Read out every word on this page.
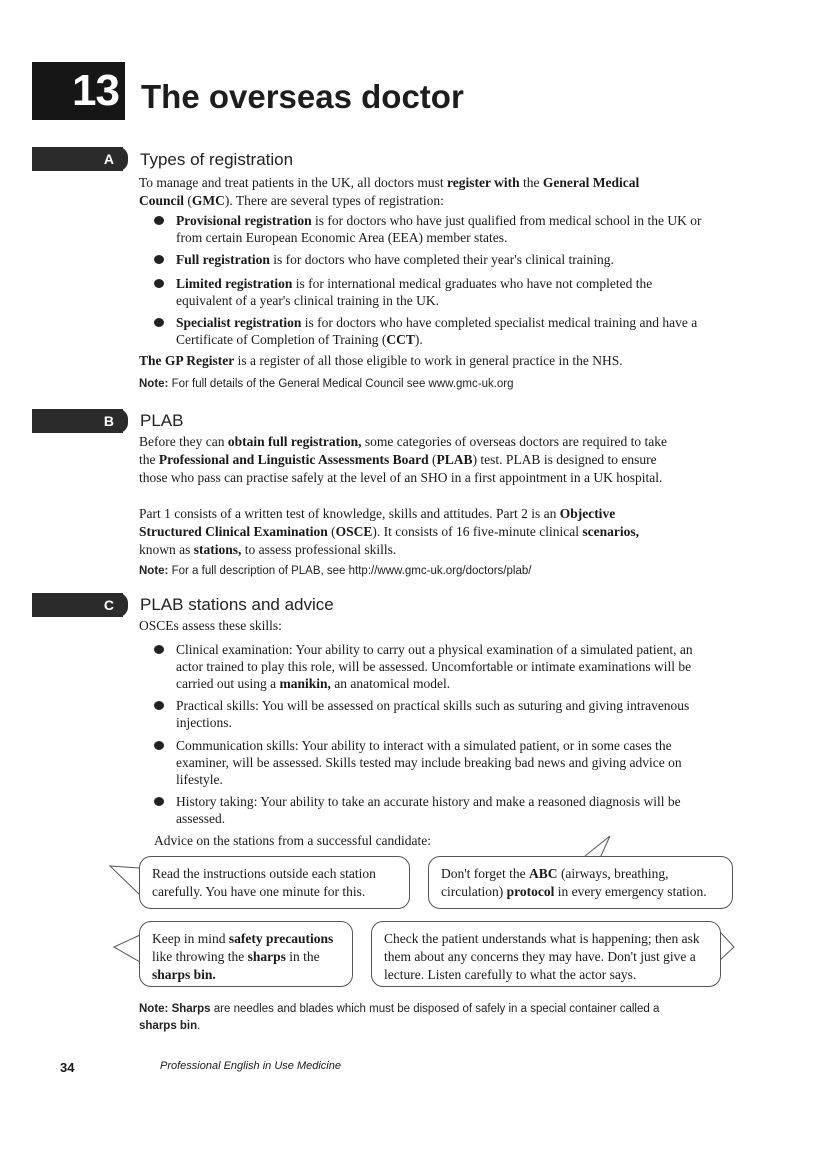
13 The overseas doctor
A	Types of registration

To manage and treat patients in the UK, all doctors must register with the General Medical Council (GMC). There are several types of registration:

Provisional registration is for doctors who have just qualified from medical school in the UK or from certain European Economic Area (EEA) member states.
Full registration is for doctors who have completed their year's clinical training.
Limited registration is for international medical graduates who have not completed the equivalent of a year's clinical training in the UK.
Specialist registration is for doctors who have completed specialist medical training and have a Certificate of Completion of Training (CCT).

The GP Register is a register of all those eligible to work in general practice in the NHS.

Note: For full details of the General Medical Council see www.gmc-uk.org
B	PLAB

Before they can obtain full registration, some categories of overseas doctors are required to take the Professional and Linguistic Assessments Board (PLAB) test. PLAB is designed to ensure those who pass can practise safely at the level of an SHO in a first appointment in a UK hospital.

Part 1 consists of a written test of knowledge, skills and attitudes. Part 2 is an Objective Structured Clinical Examination (OSCE). It consists of 16 five-minute clinical scenarios, known as stations, to assess professional skills.

Note: For a full description of PLAB, see http://www.gmc-uk.org/doctors/plab/
C	PLAB stations and advice

OSCEs assess these skills:

Clinical examination: Your ability to carry out a physical examination of a simulated patient, an actor trained to play this role, will be assessed. Uncomfortable or intimate examinations will be carried out using a manikin, an anatomical model.
Practical skills: You will be assessed on practical skills such as suturing and giving intravenous injections.
Communication skills: Your ability to interact with a simulated patient, or in some cases the examiner, will be assessed. Skills tested may include breaking bad news and giving advice on lifestyle.
History taking: Your ability to take an accurate history and make a reasoned diagnosis will be assessed.

Advice on the stations from a successful candidate:

Read the instructions outside each station carefully. You have one minute for this.
Don't forget the ABC (airways, breathing, circulation) protocol in every emergency station.
Keep in mind safety precautions like throwing the sharps in the sharps bin.
Check the patient understands what is happening; then ask them about any concerns they may have. Don't just give a lecture. Listen carefully to what the actor says.
Note: Sharps are needles and blades which must be disposed of safely in a special container called a sharps bin.
34	Professional English in Use Medicine
